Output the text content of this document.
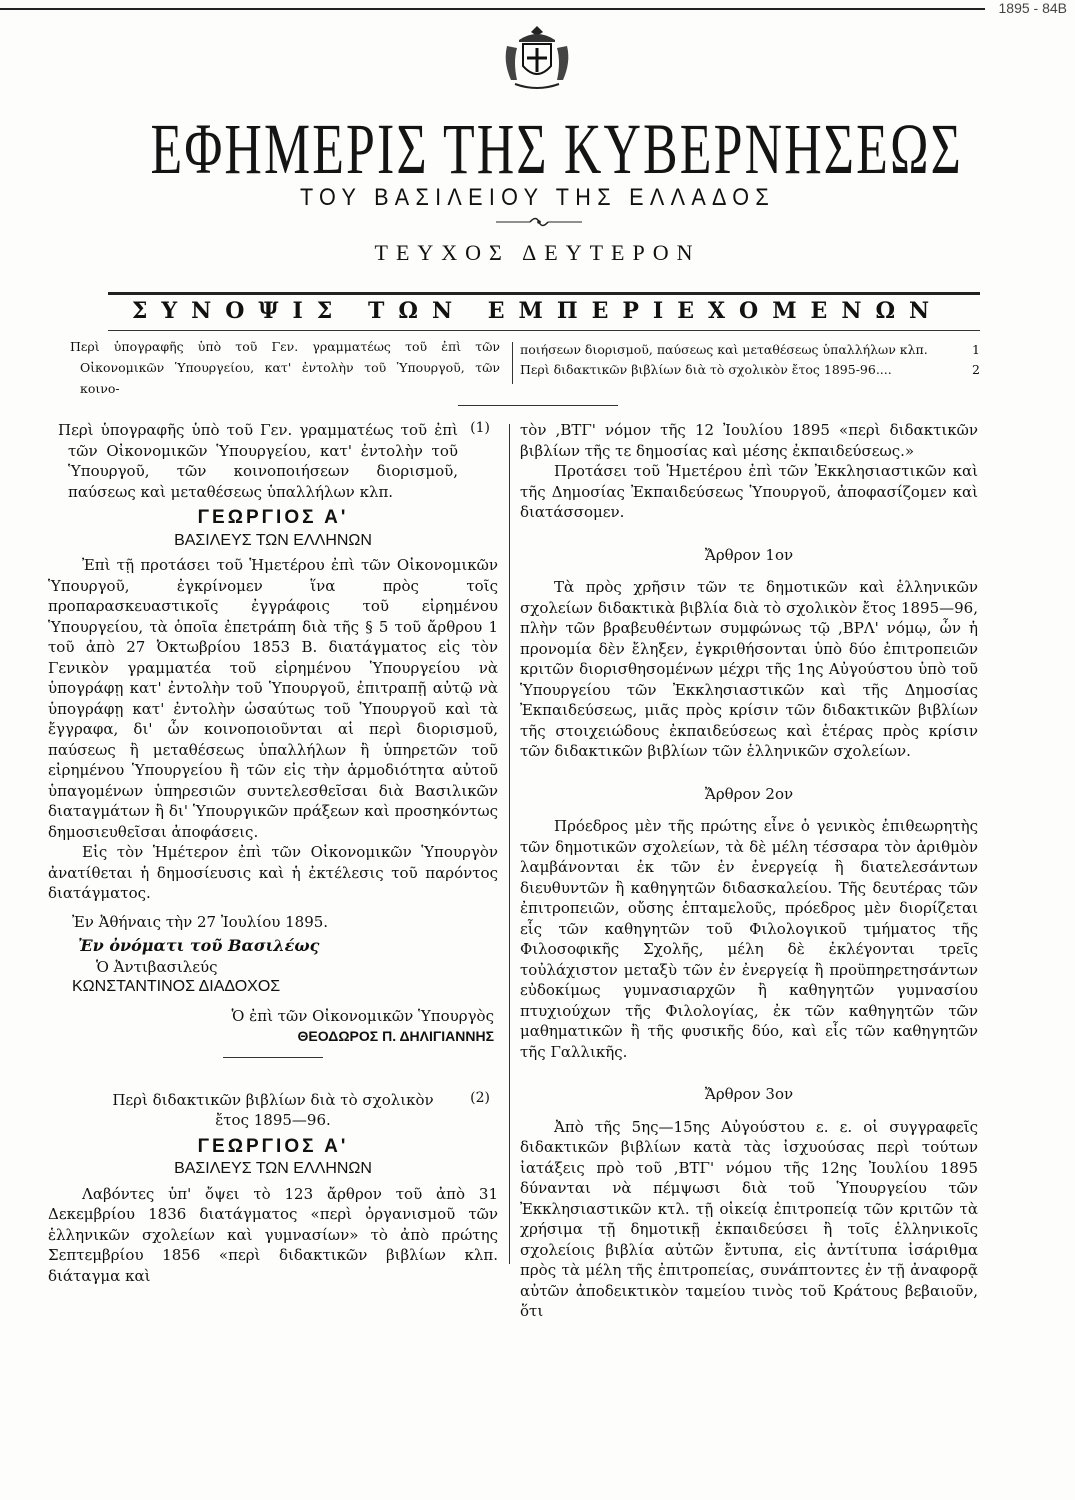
1895 - 84Β
ΕΦΗΜΕΡΙΣ ΤΗΣ ΚΥΒΕΡΝΗΣΕΩΣ
ΤΟΥ ΒΑΣΙΛΕΙΟΥ ΤΗΣ ΕΛΛΑΔΟΣ
ΤΕΥΧΟΣ ΔΕΥΤΕΡΟΝ
ΣΥΝΟΨΙΣ ΤΩΝ ΕΜΠΕΡΙΕΧΟΜΕΝΩΝ

Περὶ ὑπογραφῆς ὑπὸ τοῦ Γεν. γραμματέως τοῦ ἐπὶ τῶν Οἰκονομικῶν Ὑπουργείου, κατ' ἐντολὴν τοῦ Ὑπουργοῦ, τῶν κοινο-

ποιήσεων διορισμοῦ, παύσεως καὶ μεταθέσεως ὑπαλλήλων κλπ.	1
Περὶ διδακτικῶν βιβλίων διὰ τὸ σχολικὸν ἔτος 1895-96....	2
(1)

Περὶ ὑπογραφῆς ὑπὸ τοῦ Γεν. γραμματέως τοῦ ἐπὶ τῶν Οἰκονομικῶν Ὑπουργείου, κατ' ἐντολὴν τοῦ Ὑπουργοῦ, τῶν κοινοποιήσεων διορισμοῦ, παύσεως καὶ μεταθέσεως ὑπαλλήλων κλπ.

ΓΕΩΡΓΙΟΣ Α'
ΒΑΣΙΛΕΥΣ ΤΩΝ ΕΛΛΗΝΩΝ

Ἐπὶ τῇ προτάσει τοῦ Ἡμετέρου ἐπὶ τῶν Οἰκονομικῶν Ὑπουργοῦ, ἐγκρίνομεν ἵνα πρὸς τοῖς προπαρασκευαστικοῖς ἐγγράφοις τοῦ εἰρημένου Ὑπουργείου, τὰ ὁποῖα ἐπετράπη διὰ τῆς § 5 τοῦ ἄρθρου 1 τοῦ ἀπὸ 27 Ὀκτωβρίου 1853 Β. διατάγματος εἰς τὸν Γενικὸν γραμματέα τοῦ εἰρημένου Ὑπουργείου νὰ ὑπογράφῃ κατ' ἐντολὴν τοῦ Ὑπουργοῦ, ἐπιτραπῇ αὐτῷ νὰ ὑπογράφῃ κατ' ἐντολὴν ὡσαύτως τοῦ Ὑπουργοῦ καὶ τὰ ἔγγραφα, δι' ὧν κοινοποιοῦνται αἱ περὶ διορισμοῦ, παύσεως ἢ μεταθέσεως ὑπαλλήλων ἢ ὑπηρετῶν τοῦ εἰρημένου Ὑπουργείου ἢ τῶν εἰς τὴν ἁρμοδιότητα αὐτοῦ ὑπαγομένων ὑπηρεσιῶν συντελεσθεῖσαι διὰ Βασιλικῶν διαταγμάτων ἢ δι' Ὑπουργικῶν πράξεων καὶ προσηκόντως δημοσιευθεῖσαι ἀποφάσεις.

Εἰς τὸν Ἡμέτερον ἐπὶ τῶν Οἰκονομικῶν Ὑπουργὸν ἀνατίθεται ἡ δημοσίευσις καὶ ἡ ἐκτέλεσις τοῦ παρόντος διατάγματος.

Ἐν Ἀθήναις τὴν 27 Ἰουλίου 1895.

Ἐν ὀνόματι τοῦ Βασιλέως

Ὁ Ἀντιβασιλεύς

ΚΩΝΣΤΑΝΤΙΝΟΣ ΔΙΑΔΟΧΟΣ

Ὁ ἐπὶ τῶν Οἰκονομικῶν Ὑπουργὸς

ΘΕΟΔΩΡΟΣ Π. ΔΗΛΙΓΙΑΝΝΗΣ

(2)

Περὶ διδακτικῶν βιβλίων διὰ τὸ σχολικὸν ἔτος 1895—96.

ΓΕΩΡΓΙΟΣ Α'
ΒΑΣΙΛΕΥΣ ΤΩΝ ΕΛΛΗΝΩΝ

Λαβόντες ὑπ' ὄψει τὸ 123 ἄρθρον τοῦ ἀπὸ 31 Δεκεμβρίου 1836 διατάγματος «περὶ ὀργανισμοῦ τῶν ἑλληνικῶν σχολείων καὶ γυμνασίων» τὸ ἀπὸ πρώτης Σεπτεμβρίου 1856 «περὶ διδακτικῶν βιβλίων κλπ. διάταγμα καὶ

τὸν ,ΒΤΓ' νόμον τῆς 12 Ἰουλίου 1895 «περὶ διδακτικῶν βιβλίων τῆς τε δημοσίας καὶ μέσης ἐκπαιδεύσεως.»

Προτάσει τοῦ Ἡμετέρου ἐπὶ τῶν Ἐκκλησιαστικῶν καὶ τῆς Δημοσίας Ἐκπαιδεύσεως Ὑπουργοῦ, ἀποφασίζομεν καὶ διατάσσομεν.

Ἄρθρον 1ον

Τὰ πρὸς χρῆσιν τῶν τε δημοτικῶν καὶ ἑλληνικῶν σχολείων διδακτικὰ βιβλία διὰ τὸ σχολικὸν ἔτος 1895—96, πλὴν τῶν βραβευθέντων συμφώνως τῷ ,ΒΡΛ' νόμῳ, ὧν ἡ προνομία δὲν ἔληξεν, ἐγκριθήσονται ὑπὸ δύο ἐπιτροπειῶν κριτῶν διορισθησομένων μέχρι τῆς 1ης Αὐγούστου ὑπὸ τοῦ Ὑπουργείου τῶν Ἐκκλησιαστικῶν καὶ τῆς Δημοσίας Ἐκπαιδεύσεως, μιᾶς πρὸς κρίσιν τῶν διδακτικῶν βιβλίων τῆς στοιχειώδους ἐκπαιδεύσεως καὶ ἑτέρας πρὸς κρίσιν τῶν διδακτικῶν βιβλίων τῶν ἑλληνικῶν σχολείων.

Ἄρθρον 2ον

Πρόεδρος μὲν τῆς πρώτης εἶνε ὁ γενικὸς ἐπιθεωρητὴς τῶν δημοτικῶν σχολείων, τὰ δὲ μέλη τέσσαρα τὸν ἀριθμὸν λαμβάνονται ἐκ τῶν ἐν ἐνεργείᾳ ἢ διατελεσάντων διευθυντῶν ἢ καθηγητῶν διδασκαλείου. Τῆς δευτέρας τῶν ἐπιτροπειῶν, οὔσης ἑπταμελοῦς, πρόεδρος μὲν διορίζεται εἷς τῶν καθηγητῶν τοῦ Φιλολογικοῦ τμήματος τῆς Φιλοσοφικῆς Σχολῆς, μέλη δὲ ἐκλέγονται τρεῖς τοὐλάχιστον μεταξὺ τῶν ἐν ἐνεργείᾳ ἢ προϋπηρετησάντων εὐδοκίμως γυμνασιαρχῶν ἢ καθηγητῶν γυμνασίου πτυχιούχων τῆς Φιλολογίας, ἐκ τῶν καθηγητῶν τῶν μαθηματικῶν ἢ τῆς φυσικῆς δύο, καὶ εἷς τῶν καθηγητῶν τῆς Γαλλικῆς.

Ἄρθρον 3ον

Ἀπὸ τῆς 5ης—15ης Αὐγούστου ε. ε. οἱ συγγραφεῖς διδακτικῶν βιβλίων κατὰ τὰς ἰσχυούσας περὶ τούτων ἰατάξεις πρὸ τοῦ ,ΒΤΓ' νόμου τῆς 12ης Ἰουλίου 1895 δύνανται νὰ πέμψωσι διὰ τοῦ Ὑπουργείου τῶν Ἐκκλησιαστικῶν κτλ. τῇ οἰκείᾳ ἐπιτροπείᾳ τῶν κριτῶν τὰ χρήσιμα τῇ δημοτικῇ ἐκπαιδεύσει ἢ τοῖς ἑλληνικοῖς σχολείοις βιβλία αὐτῶν ἔντυπα, εἰς ἀντίτυπα ἰσάριθμα πρὸς τὰ μέλη τῆς ἐπιτροπείας, συνάπτοντες ἐν τῇ ἀναφορᾷ αὐτῶν ἀποδεικτικὸν ταμείου τινὸς τοῦ Κράτους βεβαιοῦν, ὅτι
